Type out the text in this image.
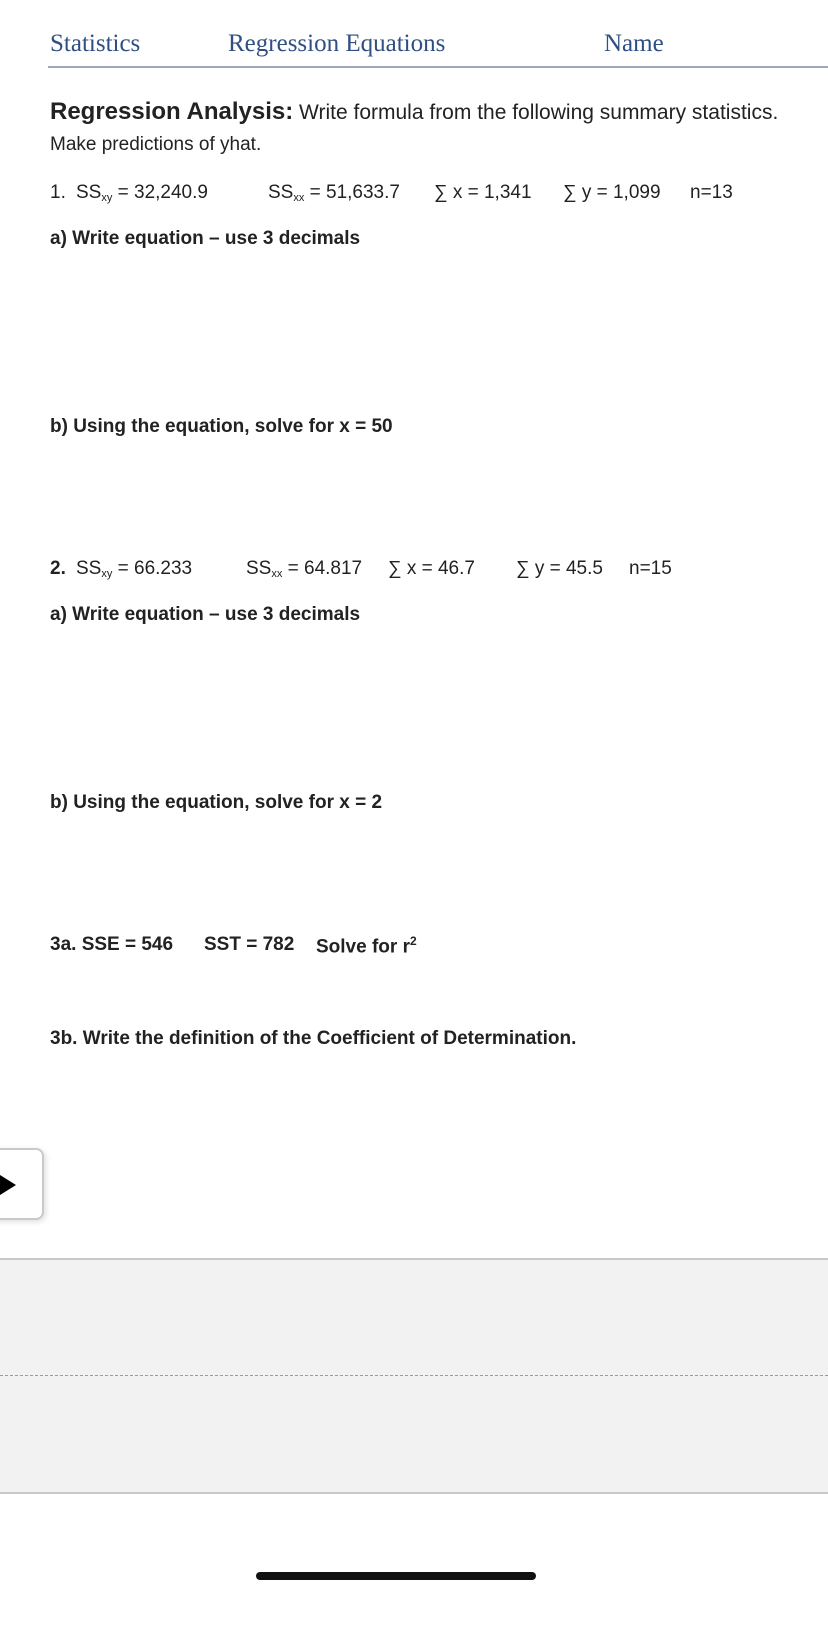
Statistics	Regression Equations	Name
Regression Analysis: Write formula from the following summary statistics.
Make predictions of yhat.
1. $SS_{xy} = 32,240.9$	$SS_{xx} = 51,633.7$ ∑ x = 1,341 ∑ y = 1,099 n=13
a) Write equation – use 3 decimals
b) Using the equation, solve for x = 50
2. $SS_{xy} = 66.233$	$SS_{xx} = 64.817$ ∑ x = 46.7 ∑ y = 45.5 n=15
a) Write equation – use 3 decimals
b) Using the equation, solve for x = 2
3a. SSE = 546 SST = 782 Solve for $r^2$
3b. Write the definition of the Coefficient of Determination.
